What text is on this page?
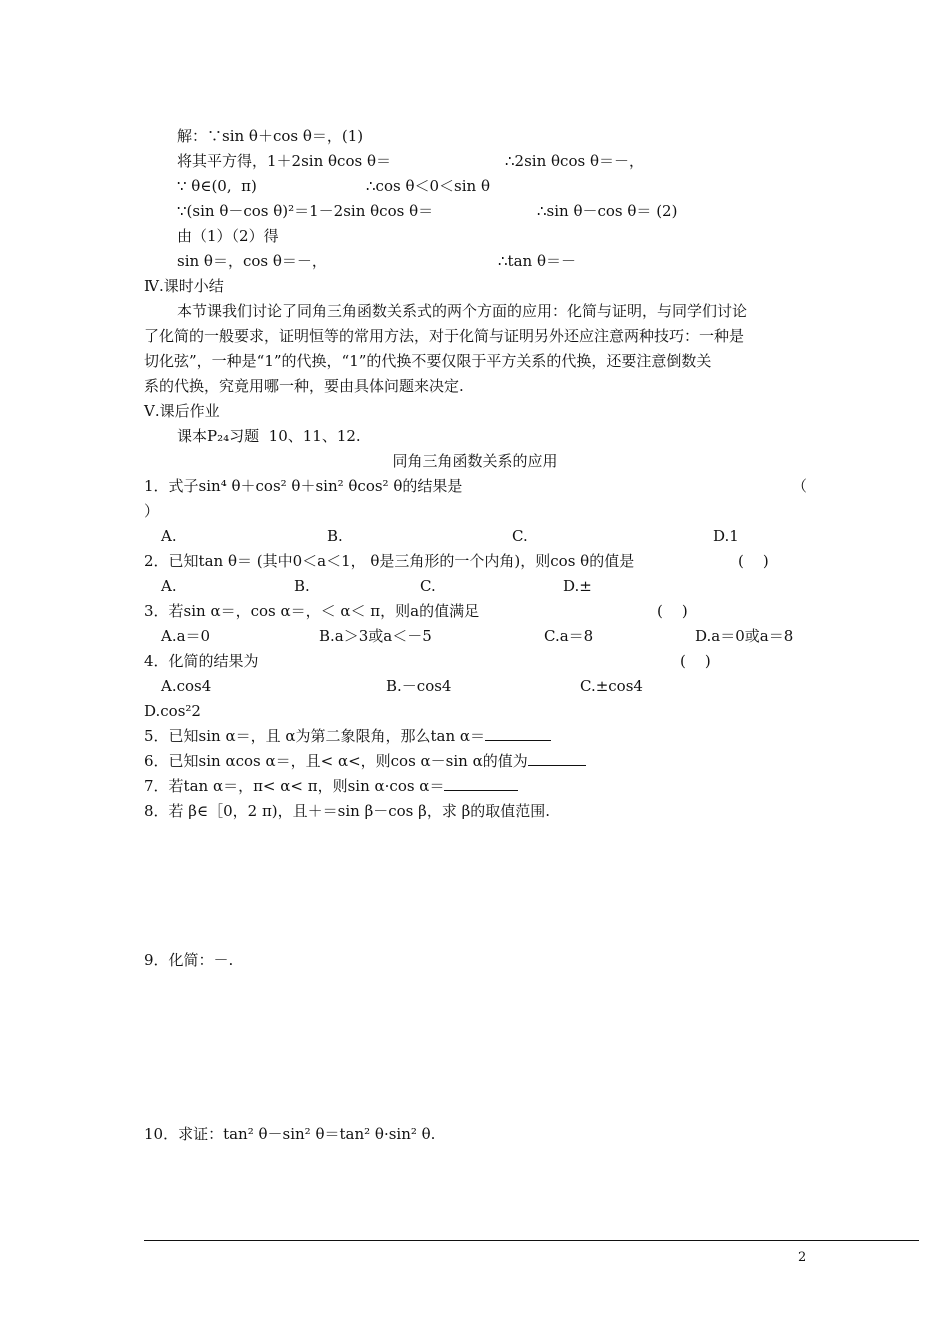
解：∵sin θ＋cos θ＝，(1)
将其平方得，1＋2sin θcos θ＝	∴2sin θcos θ＝－，
∵ θ∈(0,  π)	∴cos θ＜0＜sin θ
∵(sin θ－cos θ)²＝1－2sin θcos θ＝	∴sin θ－cos θ＝ (2)
由（1）（2）得
sin θ＝，cos θ＝－，	∴tan θ＝－
Ⅳ.课时小结
本节课我们讨论了同角三角函数关系式的两个方面的应用：化简与证明，与同学们讨论
了化简的一般要求，证明恒等的常用方法，对于化简与证明另外还应注意两种技巧：一种是
切化弦”，一种是“1”的代换，“1”的代换不要仅限于平方关系的代换，还要注意倒数关
系的代换，究竟用哪一种，要由具体问题来决定.
Ⅴ.课后作业
课本P₂₄习题  10、11、12.
同角三角函数关系的应用
1．式子sin⁴ θ＋cos² θ＋sin² θcos² θ的结果是	（
）
A.	B.	C.	D.1
2．已知tan θ＝ (其中0＜a＜1， θ是三角形的一个内角)，则cos θ的值是	(    )
A.	B.	C.	D.±
3．若sin α＝，cos α＝，＜ α＜ π，则a的值满足	(    )
A.a＝0	B.a＞3或a＜－5	C.a＝8	D.a＝0或a＝8
4．化简的结果为	(    )
A.cos4	B.－cos4	C.±cos4
D.cos²2
5．已知sin α＝，且 α为第二象限角，那么tan α＝
6．已知sin αcos α＝，且< α<，则cos α－sin α的值为
7．若tan α＝，π< α< π，则sin α·cos α＝
8．若 β∈［0，2 π)，且＋＝sin β－cos β，求 β的取值范围.
9．化简：－.
10．求证：tan² θ－sin² θ＝tan² θ·sin² θ.
2
